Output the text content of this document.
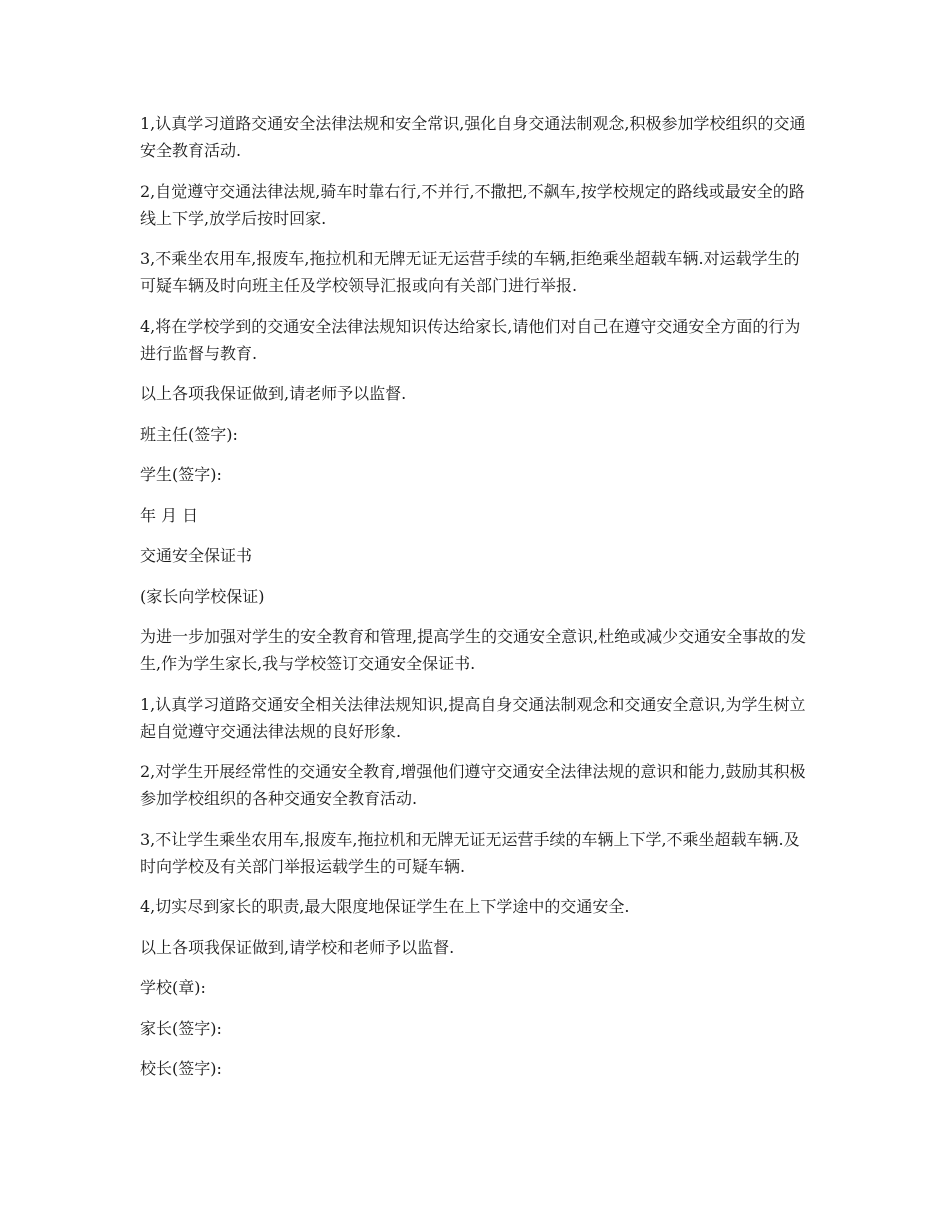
1,认真学习道路交通安全法律法规和安全常识,强化自身交通法制观念,积极参加学校组织的交通安全教育活动.

2,自觉遵守交通法律法规,骑车时靠右行,不并行,不撒把,不飙车,按学校规定的路线或最安全的路线上下学,放学后按时回家.

3,不乘坐农用车,报废车,拖拉机和无牌无证无运营手续的车辆,拒绝乘坐超载车辆.对运载学生的可疑车辆及时向班主任及学校领导汇报或向有关部门进行举报.

4,将在学校学到的交通安全法律法规知识传达给家长,请他们对自己在遵守交通安全方面的行为进行监督与教育.

以上各项我保证做到,请老师予以监督.

班主任(签字):

学生(签字):

年 月 日

交通安全保证书

(家长向学校保证)

为进一步加强对学生的安全教育和管理,提高学生的交通安全意识,杜绝或减少交通安全事故的发生,作为学生家长,我与学校签订交通安全保证书.

1,认真学习道路交通安全相关法律法规知识,提高自身交通法制观念和交通安全意识,为学生树立起自觉遵守交通法律法规的良好形象.

2,对学生开展经常性的交通安全教育,增强他们遵守交通安全法律法规的意识和能力,鼓励其积极参加学校组织的各种交通安全教育活动.

3,不让学生乘坐农用车,报废车,拖拉机和无牌无证无运营手续的车辆上下学,不乘坐超载车辆.及时向学校及有关部门举报运载学生的可疑车辆.

4,切实尽到家长的职责,最大限度地保证学生在上下学途中的交通安全.

以上各项我保证做到,请学校和老师予以监督.

学校(章):

家长(签字):

校长(签字):
